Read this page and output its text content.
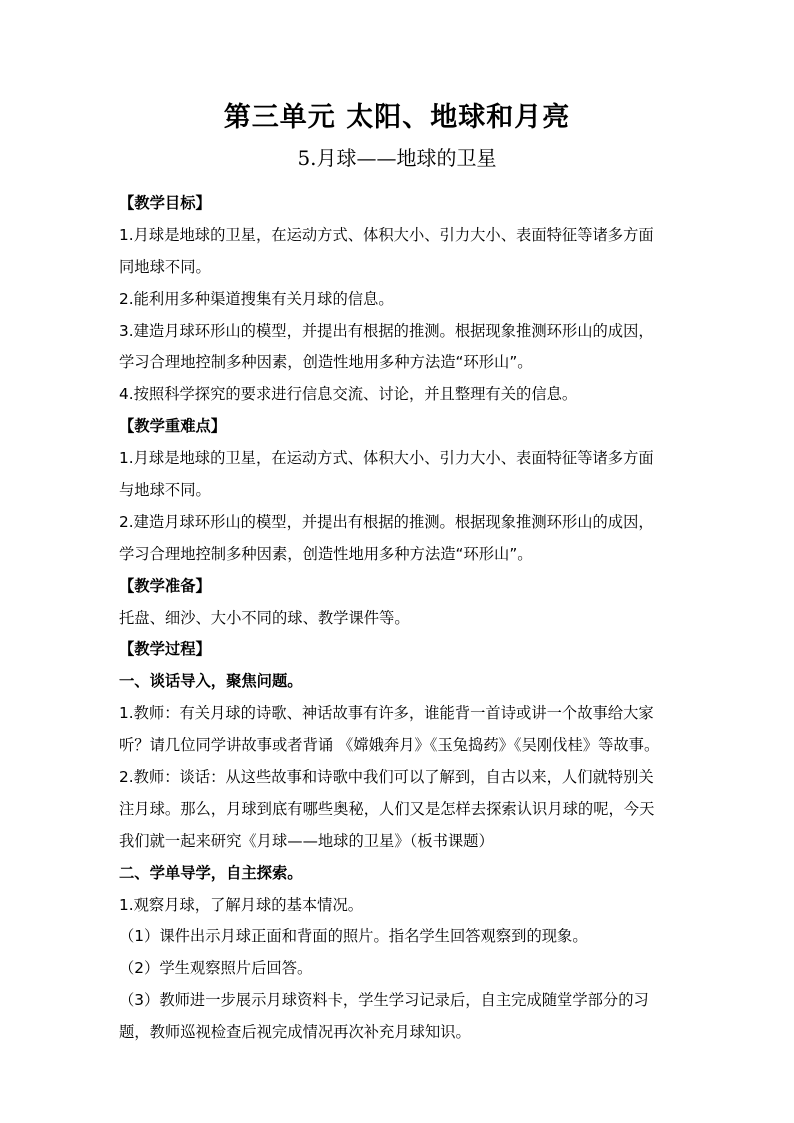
第三单元 太阳、地球和月亮
5.月球——地球的卫星
【教学目标】
1.月球是地球的卫星，在运动方式、体积大小、引力大小、表面特征等诸多方面
同地球不同。
2.能利用多种渠道搜集有关月球的信息。
3.建造月球环形山的模型，并提出有根据的推测。根据现象推测环形山的成因，
学习合理地控制多种因素，创造性地用多种方法造“环形山”。
4.按照科学探究的要求进行信息交流、讨论，并且整理有关的信息。
【教学重难点】
1.月球是地球的卫星，在运动方式、体积大小、引力大小、表面特征等诸多方面
与地球不同。
2.建造月球环形山的模型，并提出有根据的推测。根据现象推测环形山的成因，
学习合理地控制多种因素，创造性地用多种方法造“环形山”。
【教学准备】
托盘、细沙、大小不同的球、教学课件等。
【教学过程】
一、谈话导入，聚焦问题。
1.教师：有关月球的诗歌、神话故事有许多，谁能背一首诗或讲一个故事给大家
听？请几位同学讲故事或者背诵 《嫦娥奔月》《玉兔捣药》《吴刚伐桂》等故事。
2.教师：谈话：从这些故事和诗歌中我们可以了解到，自古以来，人们就特别关
注月球。那么，月球到底有哪些奥秘，人们又是怎样去探索认识月球的呢，今天
我们就一起来研究《月球——地球的卫星》（板书课题）
二、学单导学，自主探索。
1.观察月球，了解月球的基本情况。
（1）课件出示月球正面和背面的照片。指名学生回答观察到的现象。
（2）学生观察照片后回答。
（3）教师进一步展示月球资料卡，学生学习记录后，自主完成随堂学部分的习
题，教师巡视检查后视完成情况再次补充月球知识。
